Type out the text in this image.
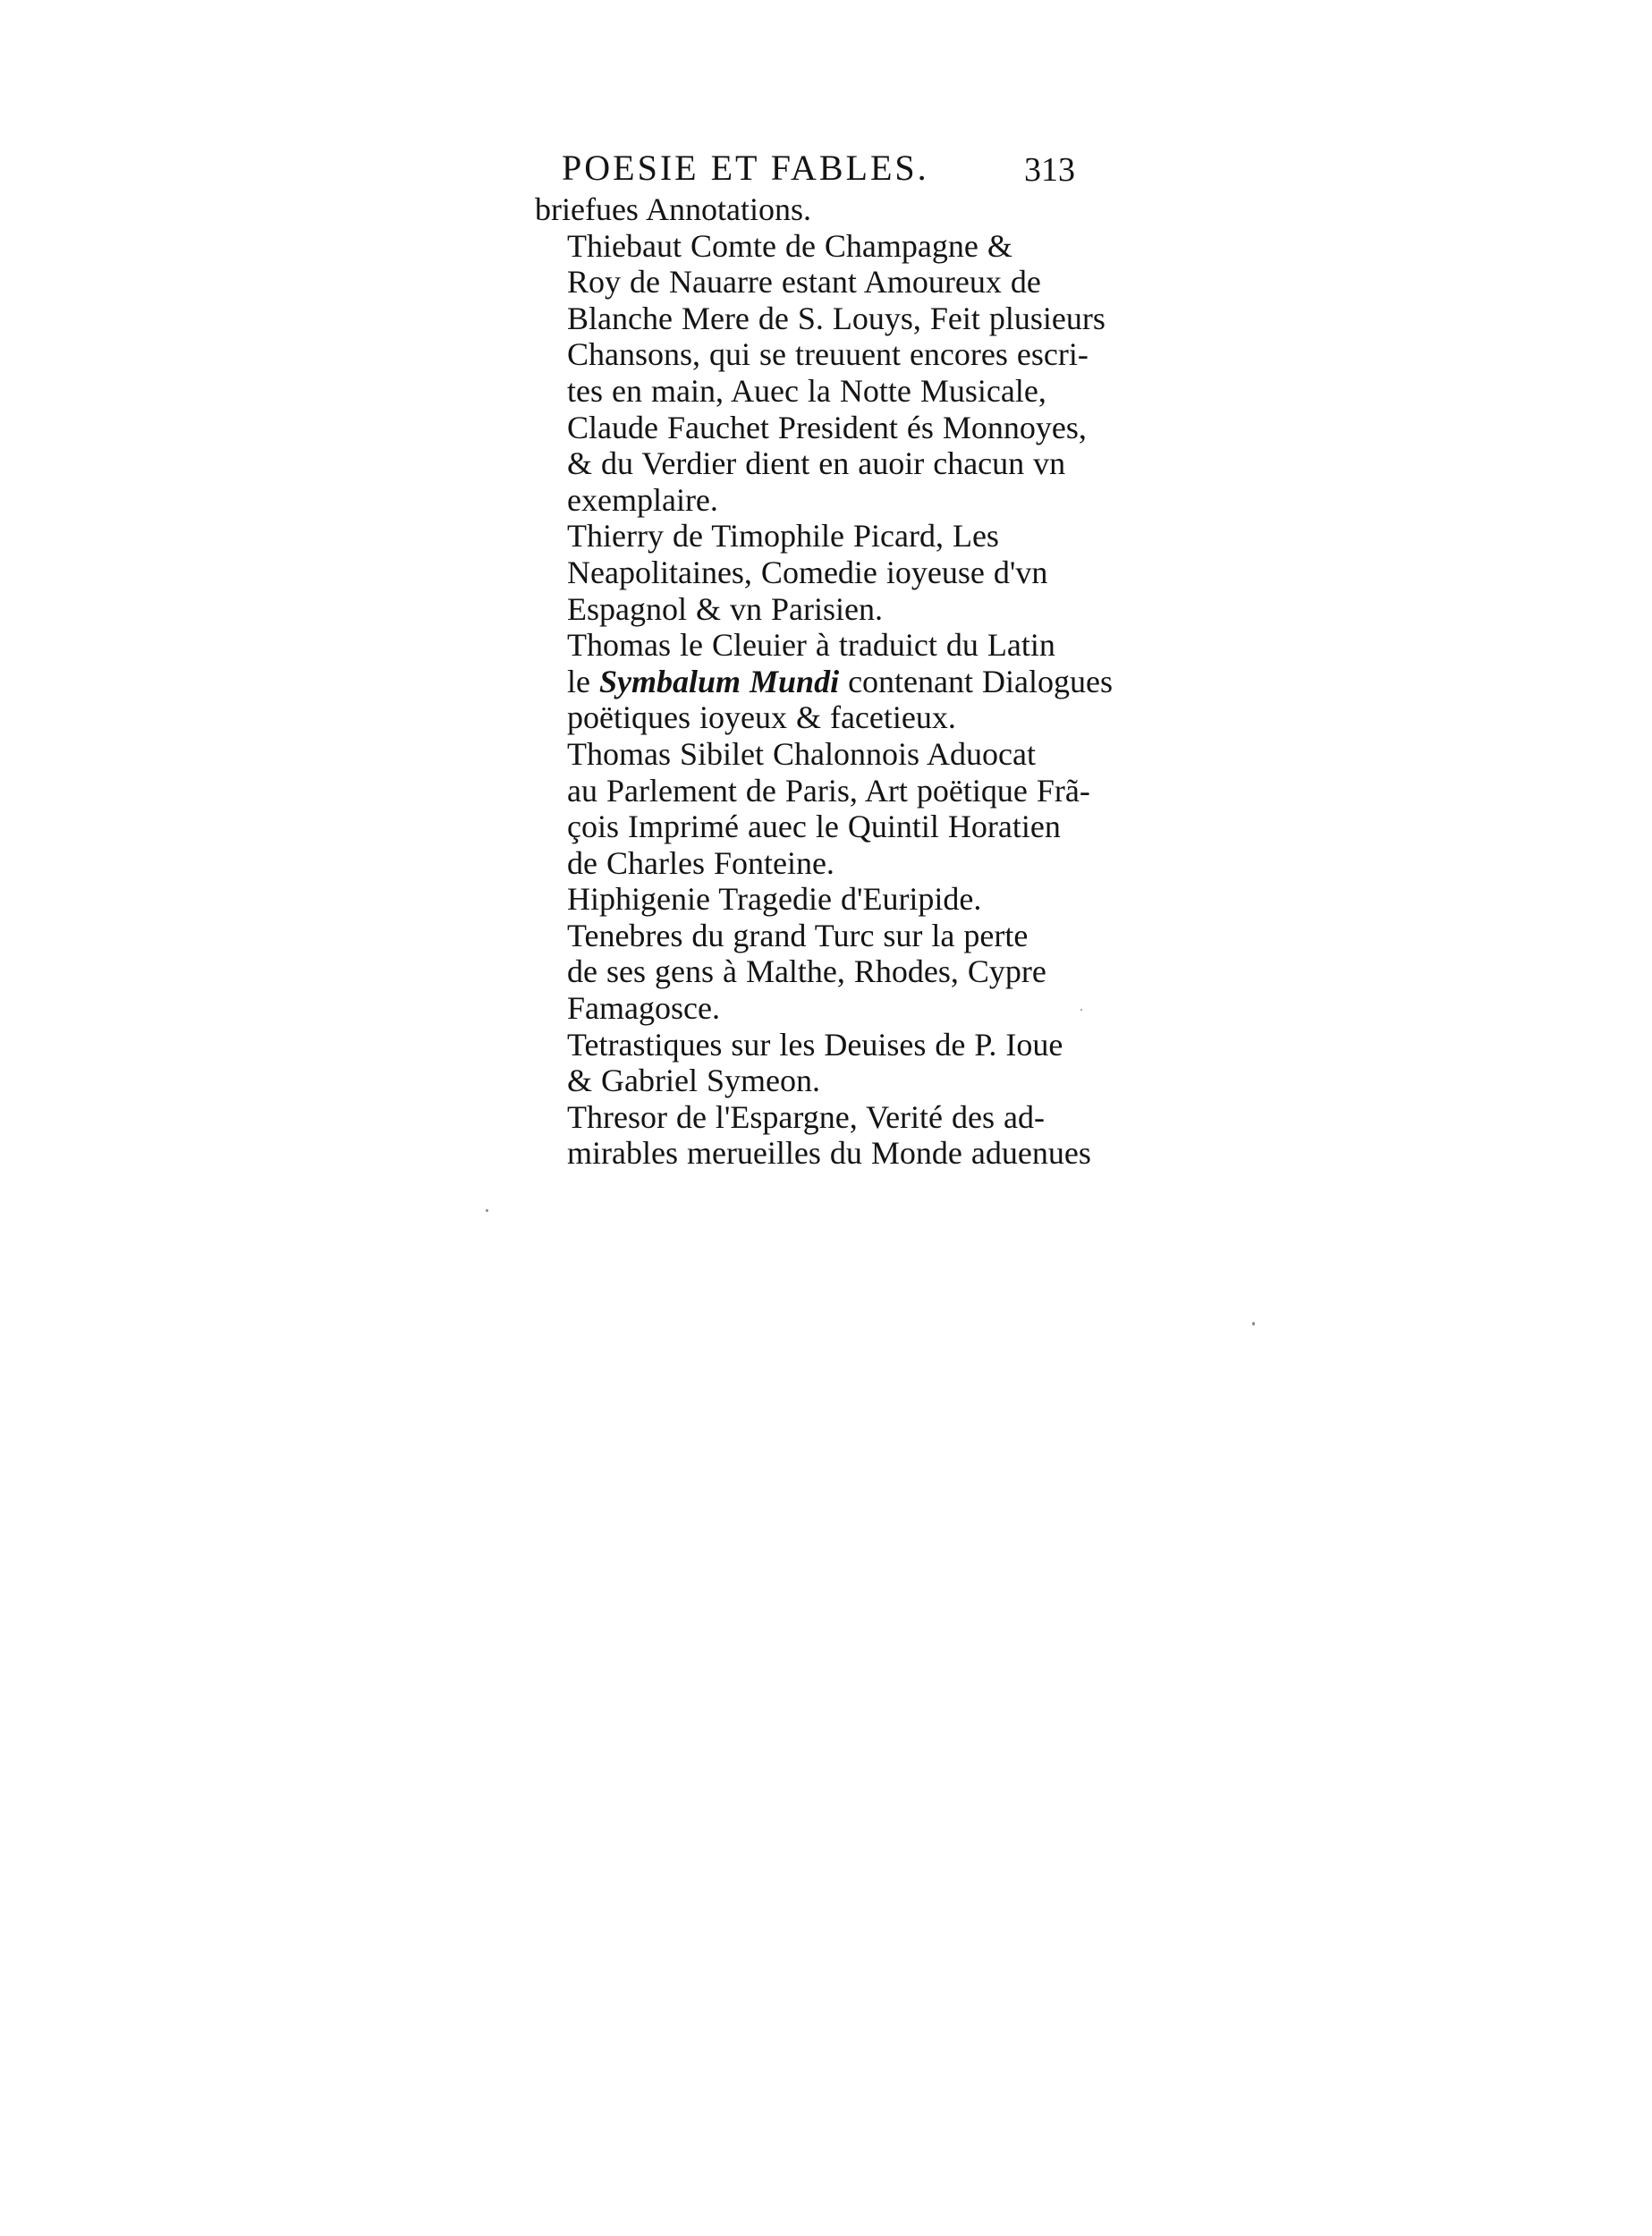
POESIE ET FABLES.	313

briefues Annotations.

Thiebaut Comte de Champagne &
Roy de Nauarre estant Amoureux de
Blanche Mere de S. Louys, Feit plusieurs
Chansons, qui se treuuent encores escri-
tes en main, Auec la Notte Musicale,
Claude Fauchet President és Monnoyes,
& du Verdier dient en auoir chacun vn
exemplaire.

Thierry de Timophile Picard, Les
Neapolitaines, Comedie ioyeuse d'vn
Espagnol & vn Parisien.

Thomas le Cleuier à traduict du Latin
le Symbalum Mundi contenant Dialogues
poëtiques ioyeux & facetieux.

Thomas Sibilet Chalonnois Aduocat
au Parlement de Paris, Art poëtique Frã-
çois Imprimé auec le Quintil Horatien
de Charles Fonteine.

Hiphigenie Tragedie d'Euripide.

Tenebres du grand Turc sur la perte
de ses gens à Malthe, Rhodes, Cypre
Famagosce.

Tetrastiques sur les Deuises de P. Ioue
& Gabriel Symeon.

Thresor de l'Espargne, Verité des ad-
mirables merueilles du Monde aduenues
